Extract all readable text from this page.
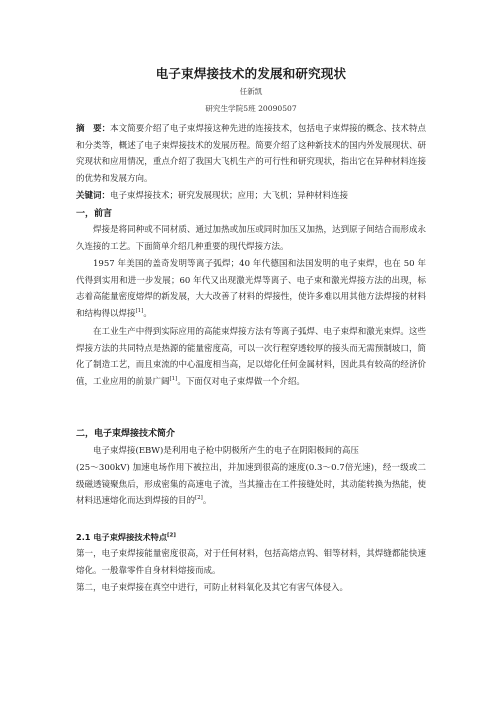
电子束焊接技术的发展和研究现状
任新凯
研究生学院5班 20090507

摘　要：本文简要介绍了电子束焊接这种先进的连接技术，包括电子束焊接的概念、技术特点和分类等，概述了电子束焊接技术的发展历程。简要介绍了这种新技术的国内外发展现状、研究现状和应用情况，重点介绍了我国大飞机生产的可行性和研究现状，指出它在异种材料连接的优势和发展方向。

关键词：电子束焊接技术；研究发展现状；应用；大飞机；异种材料连接

一，前言

焊接是将同种或不同材质、通过加热或加压或同时加压又加热，达到原子间结合而形成永久连接的工艺。下面简单介绍几种重要的现代焊接方法。

1957 年美国的盖奇发明等离子弧焊；40 年代德国和法国发明的电子束焊，也在 50 年代得到实用和进一步发展；60 年代又出现激光焊等离子、电子束和激光焊接方法的出现，标志着高能量密度熔焊的新发展，大大改善了材料的焊接性，使许多难以用其他方法焊接的材料和结构得以焊接[1]。

在工业生产中得到实际应用的高能束焊接方法有等离子弧焊、电子束焊和激光束焊。这些焊接方法的共同特点是热源的能量密度高，可以一次行程穿透较厚的接头而无需预制坡口，简化了制造工艺，而且束流的中心温度相当高，足以熔化任何金属材料，因此具有较高的经济价值，工业应用的前景广阔[1]。下面仅对电子束焊做一个介绍。

二，电子束焊接技术简介

电子束焊接(EBW)是利用电子枪中阴极所产生的电子在阴阳极间的高压

(25～300kV) 加速电场作用下被拉出，并加速到很高的速度(0.3～0.7倍光速)，经一级或二级磁透镜聚焦后，形成密集的高速电子流，当其撞击在工件接缝处时，其动能转换为热能，使材料迅速熔化而达到焊接的目的[2]。

2.1 电子束焊接技术特点[2]

第一，电子束焊接能量密度很高，对于任何材料，包括高熔点钨、钼等材料，其焊缝都能快速熔化。一般靠零件自身材料熔接而成。

第二，电子束焊接在真空中进行，可防止材料氧化及其它有害气体侵入。
